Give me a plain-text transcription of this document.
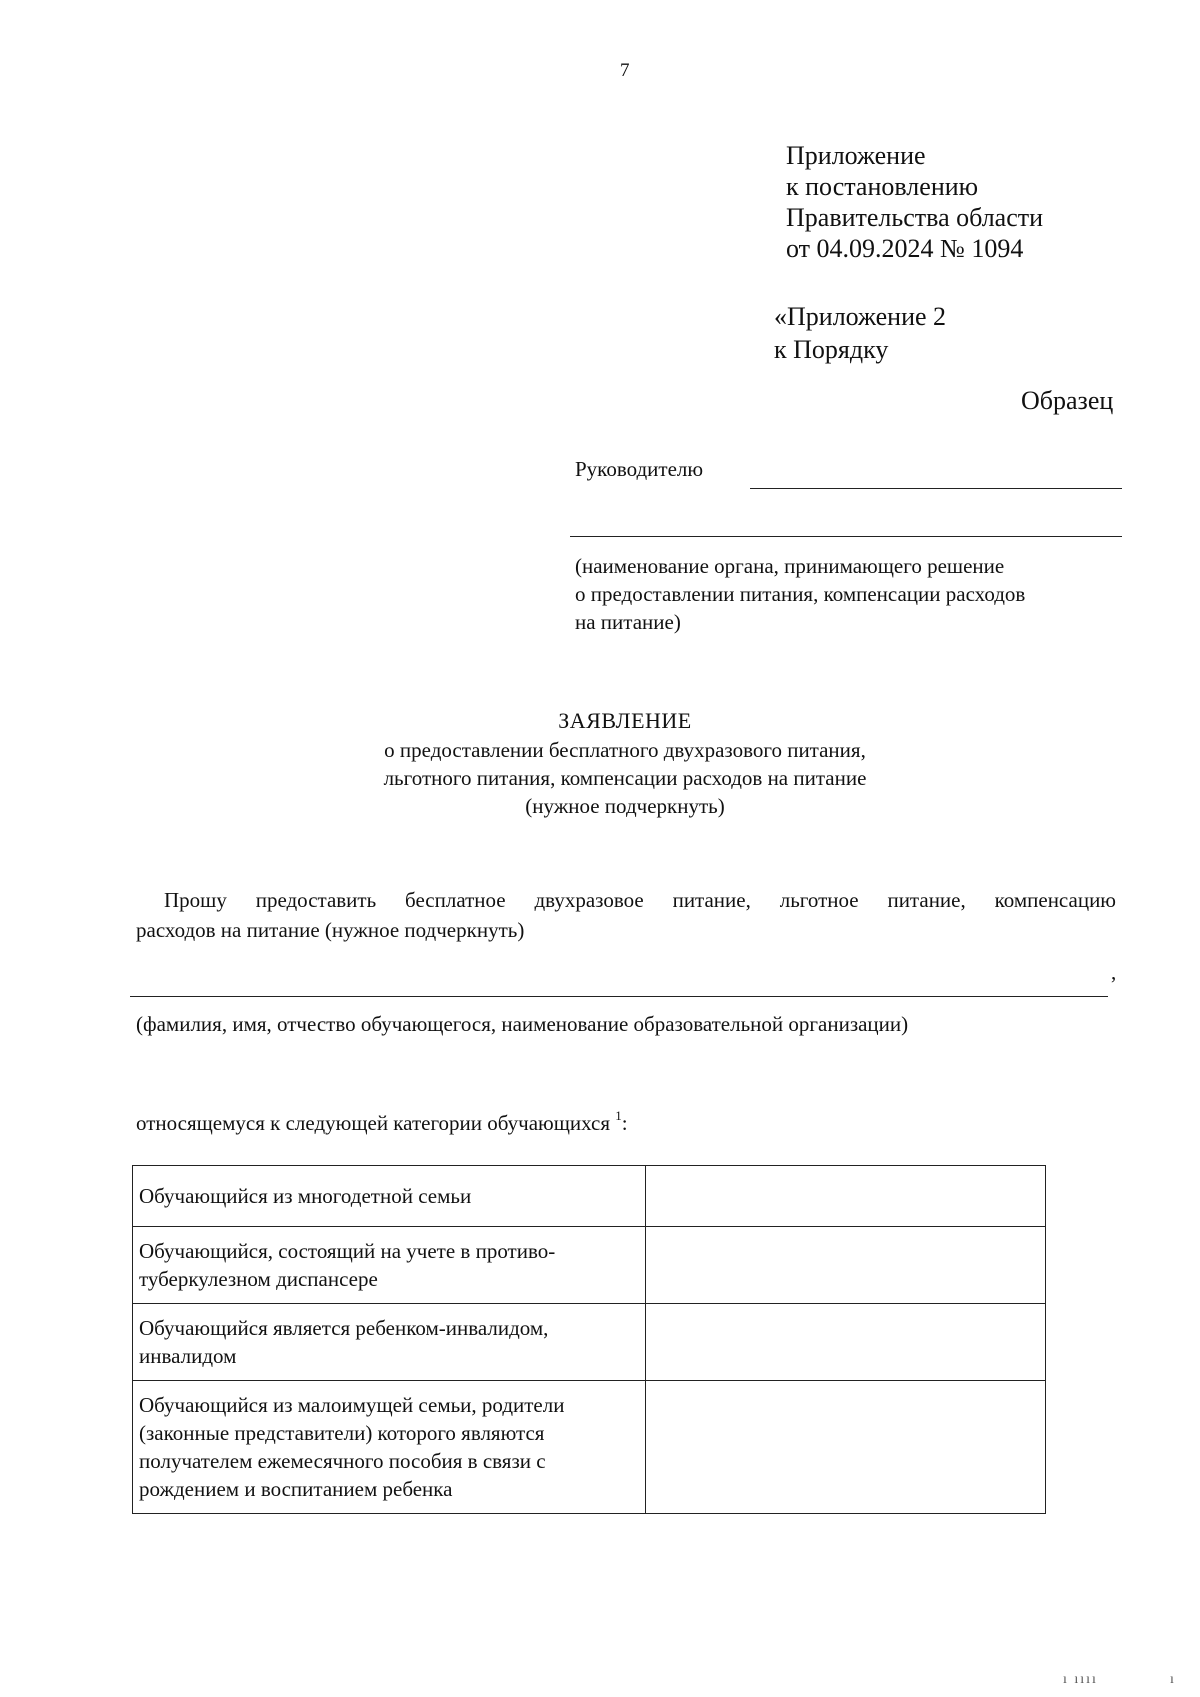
7
Приложение
к постановлению
Правительства области
от 04.09.2024 № 1094
«Приложение 2
к Порядку
Образец
Руководителю
(наименование органа, принимающего решение
о предоставлении питания, компенсации расходов
на питание)
ЗАЯВЛЕНИЕ
о предоставлении бесплатного двухразового питания,
льготного питания, компенсации расходов на питание
(нужное подчеркнуть)
Прошу предоставить бесплатное двухразовое питание, льготное питание, компенсацию
расходов на питание (нужное подчеркнуть)
,
(фамилия, имя, отчество обучающегося, наименование образовательной организации)
относящемуся к следующей категории обучающихся $^1$:
Обучающийся из многодетной семьи	

Обучающийся, состоящий на учете в противо-
туберкулезном диспансере	

Обучающийся является ребенком-инвалидом,
инвалидом	

Обучающийся из малоимущей семьи, родители
(законные представители) которого являются
получателем ежемесячного пособия в связи с
рождением и воспитанием ребенка	

ı ıııı	ı
